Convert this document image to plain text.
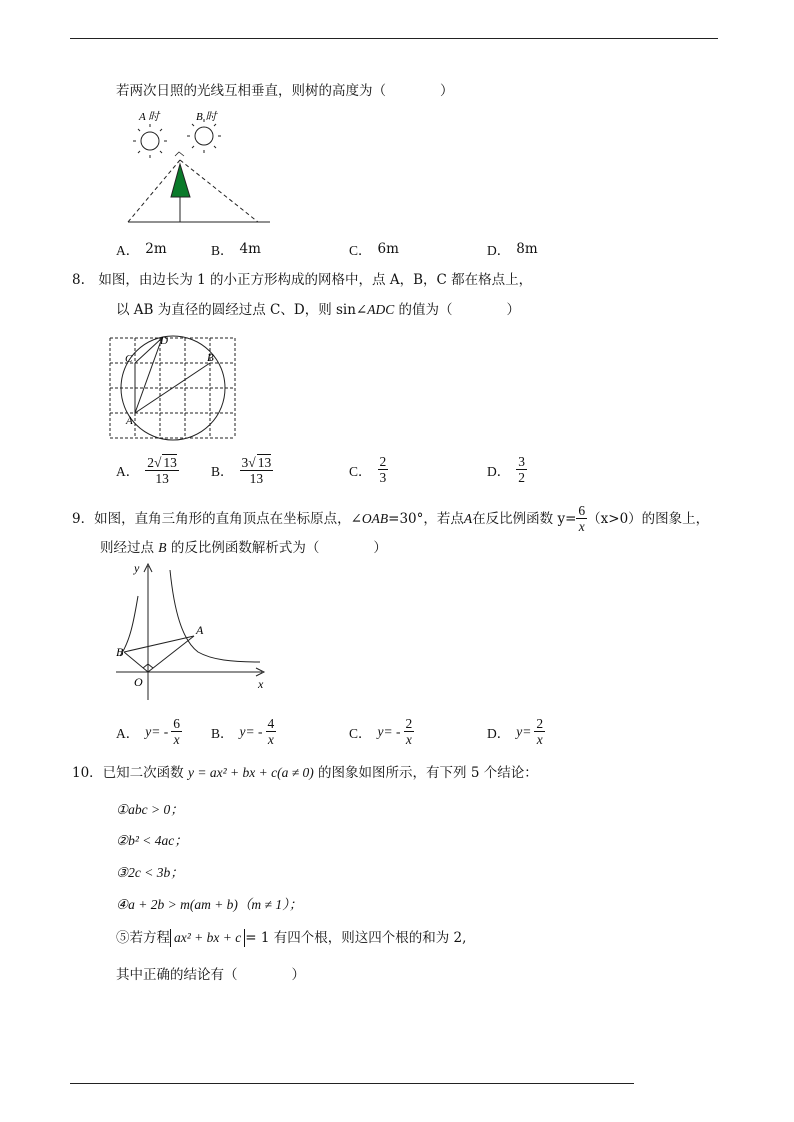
若两次日照的光线互相垂直，则树的高度为（　　　　）
A 时	B 时
A． 2m	B． 4m	C． 6m	D． 8m
8.　如图，由边长为 1 的小正方形构成的网格中，点 A，B，C 都在格点上，
以 AB 为直径的圆经过点 C、D，则 sin∠ADC 的值为（　　　　）
A
B
C
D
A． $\frac{2√ 13}{13}$ B． $\frac{3√ 13}{13}$	C． $\frac{2}{3}$	D． $\frac{3}{2}$
9．如图，直角三角形的直角顶点在坐标原点，∠ OAB =30°，若点 A 在反比例函数 $y= \frac{6}{x} (x>0)$的图象上，
则经过点 B 的反比例函数解析式为（　　　　）
y
x
O
A
B
A． $y= - \frac{6}{x}$ B． $y= - \frac{4}{x}$	C． $y= - \frac{2}{x}$	D． $y= \frac{2}{x}$
10．已知二次函数 y = ax² + bx + c(a ≠ 0) 的图象如图所示，有下列 5 个结论：
①abc > 0；
②b² < 4ac；
③2c < 3b；
④a + 2b > m(am + b)（m ≠ 1）；
⑤若方程 ax² + bx + c = 1 有四个根，则这四个根的和为 2,
其中正确的结论有（　　　　）
